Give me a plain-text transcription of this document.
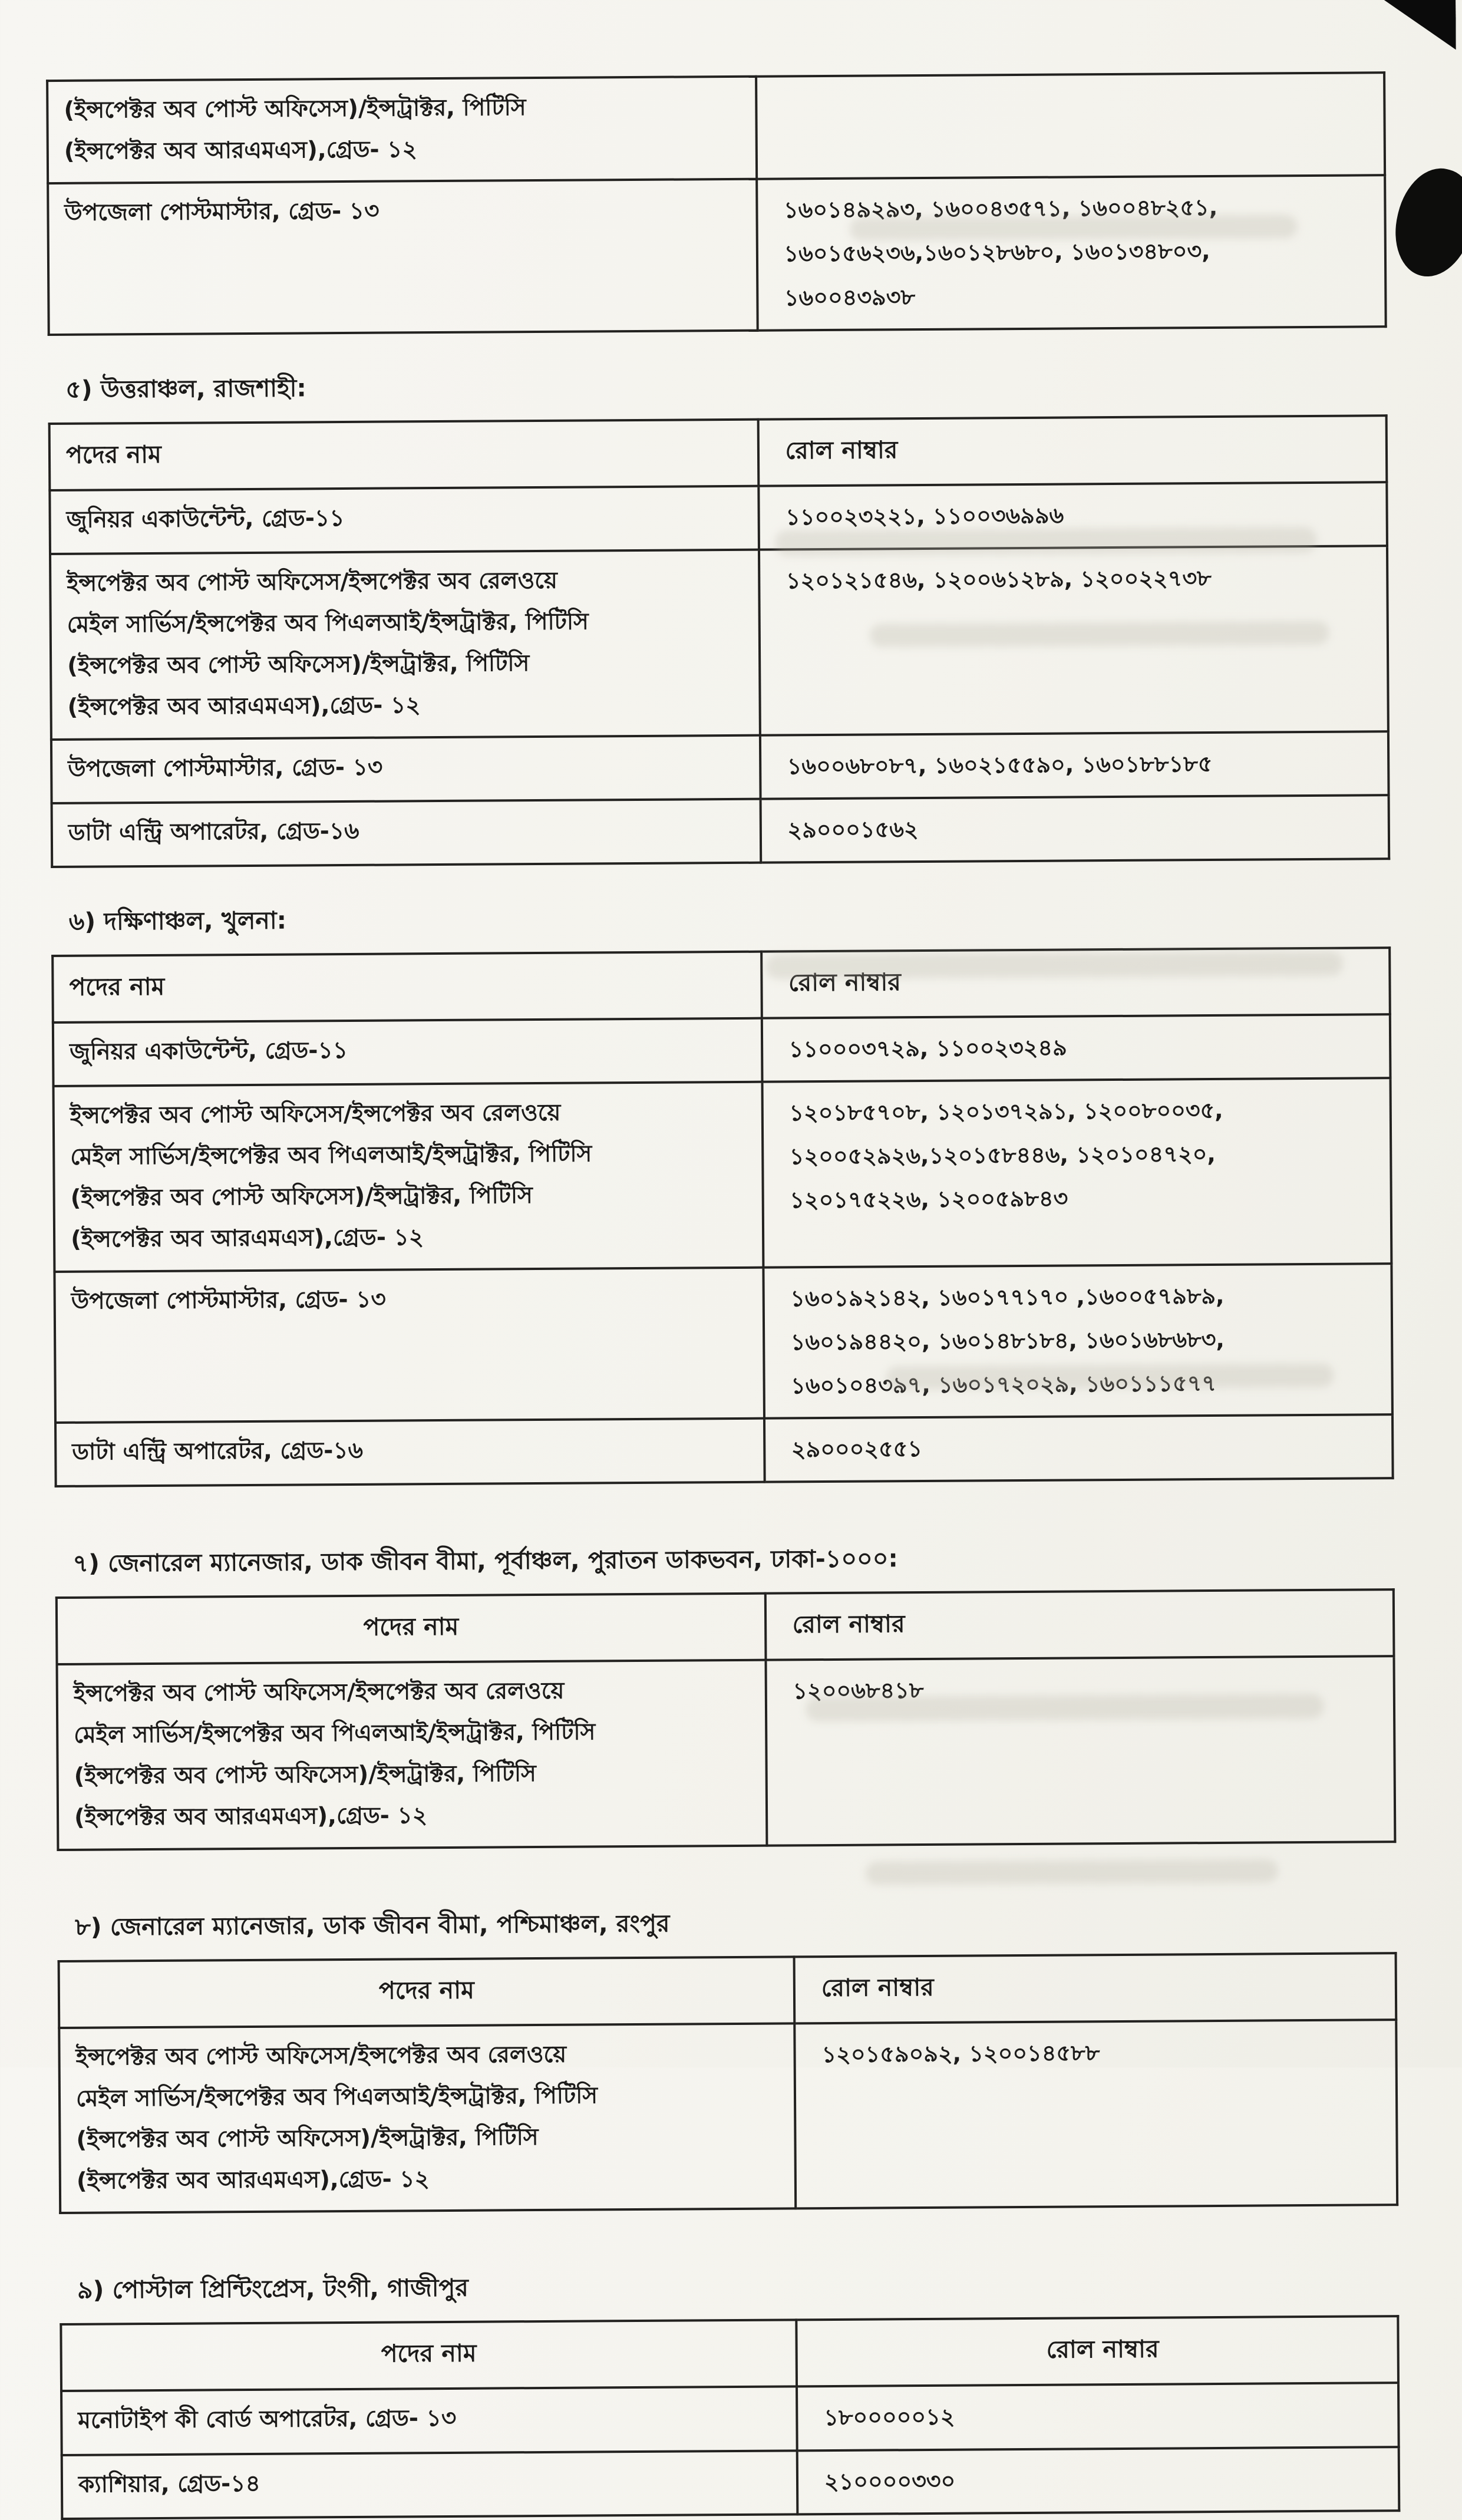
(ইন্সপেক্টর অব পোস্ট অফিসেস)/ইন্সট্রাক্টর, পিটিসি
(ইন্সপেক্টর অব আরএমএস),গ্রেড- ১২	
উপজেলা পোস্টমাস্টার, গ্রেড- ১৩	১৬০১৪৯২৯৩, ১৬০০৪৩৫৭১, ১৬০০৪৮২৫১,
১৬০১৫৬২৩৬,১৬০১২৮৬৮০, ১৬০১৩৪৮০৩,
১৬০০৪৩৯৩৮
৫) উত্তরাঞ্চল, রাজশাহী:
পদের নাম	রোল নাম্বার
জুনিয়র একাউন্টেন্ট, গ্রেড-১১	১১০০২৩২২১, ১১০০৩৬৯৯৬
ইন্সপেক্টর অব পোস্ট অফিসেস/ইন্সপেক্টর অব রেলওয়ে
মেইল সার্ভিস/ইন্সপেক্টর অব পিএলআই/ইন্সট্রাক্টর, পিটিসি
(ইন্সপেক্টর অব পোস্ট অফিসেস)/ইন্সট্রাক্টর, পিটিসি
(ইন্সপেক্টর অব আরএমএস),গ্রেড- ১২	১২০১২১৫৪৬, ১২০০৬১২৮৯, ১২০০২২৭৩৮
উপজেলা পোস্টমাস্টার, গ্রেড- ১৩	১৬০০৬৮০৮৭, ১৬০২১৫৫৯০, ১৬০১৮৮১৮৫
ডাটা এন্ট্রি অপারেটর, গ্রেড-১৬	২৯০০০১৫৬২
৬) দক্ষিণাঞ্চল, খুলনা:
পদের নাম	রোল নাম্বার
জুনিয়র একাউন্টেন্ট, গ্রেড-১১	১১০০০৩৭২৯, ১১০০২৩২৪৯
ইন্সপেক্টর অব পোস্ট অফিসেস/ইন্সপেক্টর অব রেলওয়ে
মেইল সার্ভিস/ইন্সপেক্টর অব পিএলআই/ইন্সট্রাক্টর, পিটিসি
(ইন্সপেক্টর অব পোস্ট অফিসেস)/ইন্সট্রাক্টর, পিটিসি
(ইন্সপেক্টর অব আরএমএস),গ্রেড- ১২	১২০১৮৫৭০৮, ১২০১৩৭২৯১, ১২০০৮০০৩৫,
১২০০৫২৯২৬,১২০১৫৮৪৪৬, ১২০১০৪৭২০,
১২০১৭৫২২৬, ১২০০৫৯৮৪৩
উপজেলা পোস্টমাস্টার, গ্রেড- ১৩	১৬০১৯২১৪২, ১৬০১৭৭১৭০ ,১৬০০৫৭৯৮৯,
১৬০১৯৪৪২০, ১৬০১৪৮১৮৪, ১৬০১৬৮৬৮৩,
১৬০১০৪৩৯৭, ১৬০১৭২০২৯, ১৬০১১১৫৭৭
ডাটা এন্ট্রি অপারেটর, গ্রেড-১৬	২৯০০০২৫৫১
৭) জেনারেল ম্যানেজার, ডাক জীবন বীমা, পূর্বাঞ্চল, পুরাতন ডাকভবন, ঢাকা-১০০০:
পদের নাম	রোল নাম্বার
ইন্সপেক্টর অব পোস্ট অফিসেস/ইন্সপেক্টর অব রেলওয়ে
মেইল সার্ভিস/ইন্সপেক্টর অব পিএলআই/ইন্সট্রাক্টর, পিটিসি
(ইন্সপেক্টর অব পোস্ট অফিসেস)/ইন্সট্রাক্টর, পিটিসি
(ইন্সপেক্টর অব আরএমএস),গ্রেড- ১২	১২০০৬৮৪১৮
৮) জেনারেল ম্যানেজার, ডাক জীবন বীমা, পশ্চিমাঞ্চল, রংপুর
পদের নাম	রোল নাম্বার
ইন্সপেক্টর অব পোস্ট অফিসেস/ইন্সপেক্টর অব রেলওয়ে
মেইল সার্ভিস/ইন্সপেক্টর অব পিএলআই/ইন্সট্রাক্টর, পিটিসি
(ইন্সপেক্টর অব পোস্ট অফিসেস)/ইন্সট্রাক্টর, পিটিসি
(ইন্সপেক্টর অব আরএমএস),গ্রেড- ১২	১২০১৫৯০৯২, ১২০০১৪৫৮৮
৯) পোস্টাল প্রিন্টিংপ্রেস, টংগী, গাজীপুর
পদের নাম	রোল নাম্বার
মনোটাইপ কী বোর্ড অপারেটর, গ্রেড- ১৩	১৮০০০০০১২
ক্যাশিয়ার, গ্রেড-১৪	২১০০০০৩৩০
